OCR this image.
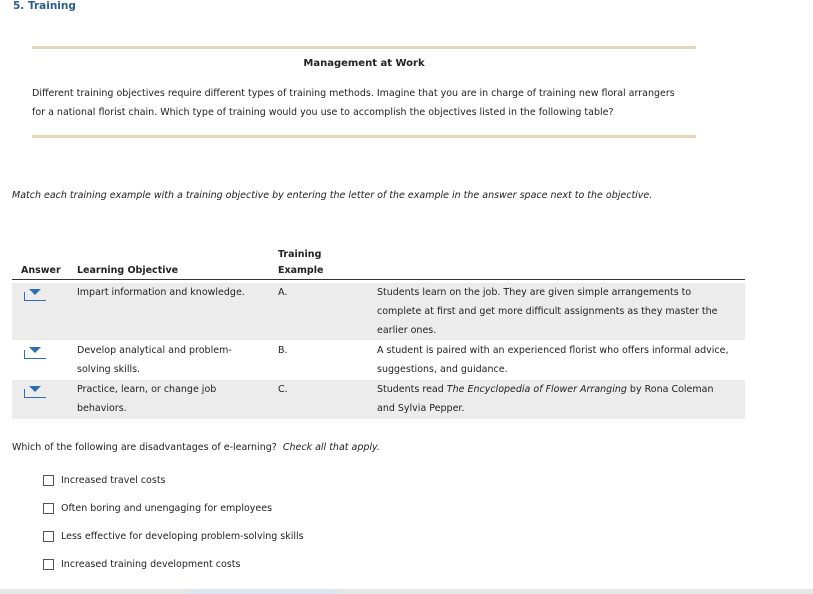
5. Training
Management at Work
Different training objectives require different types of training methods. Imagine that you are in charge of training new floral arrangers
for a national florist chain. Which type of training would you use to accomplish the objectives listed in the following table?
Match each training example with a training objective by entering the letter of the example in the answer space next to the objective.
Answer Learning Objective
Training
Example
Impart information and knowledge.	A.	Students learn on the job. They are given simple arrangements to
complete at first and get more difficult assignments as they master the
earlier ones.
Develop analytical and problem-
solving skills.
B.	A student is paired with an experienced florist who offers informal advice,
suggestions, and guidance.
Practice, learn, or change job
behaviors.
C.	Students read The Encyclopedia of Flower Arranging by Rona Coleman
and Sylvia Pepper.
Which of the following are disadvantages of e-learning? Check all that apply.
Increased travel costs
Often boring and unengaging for employees
Less effective for developing problem-solving skills
Increased training development costs
